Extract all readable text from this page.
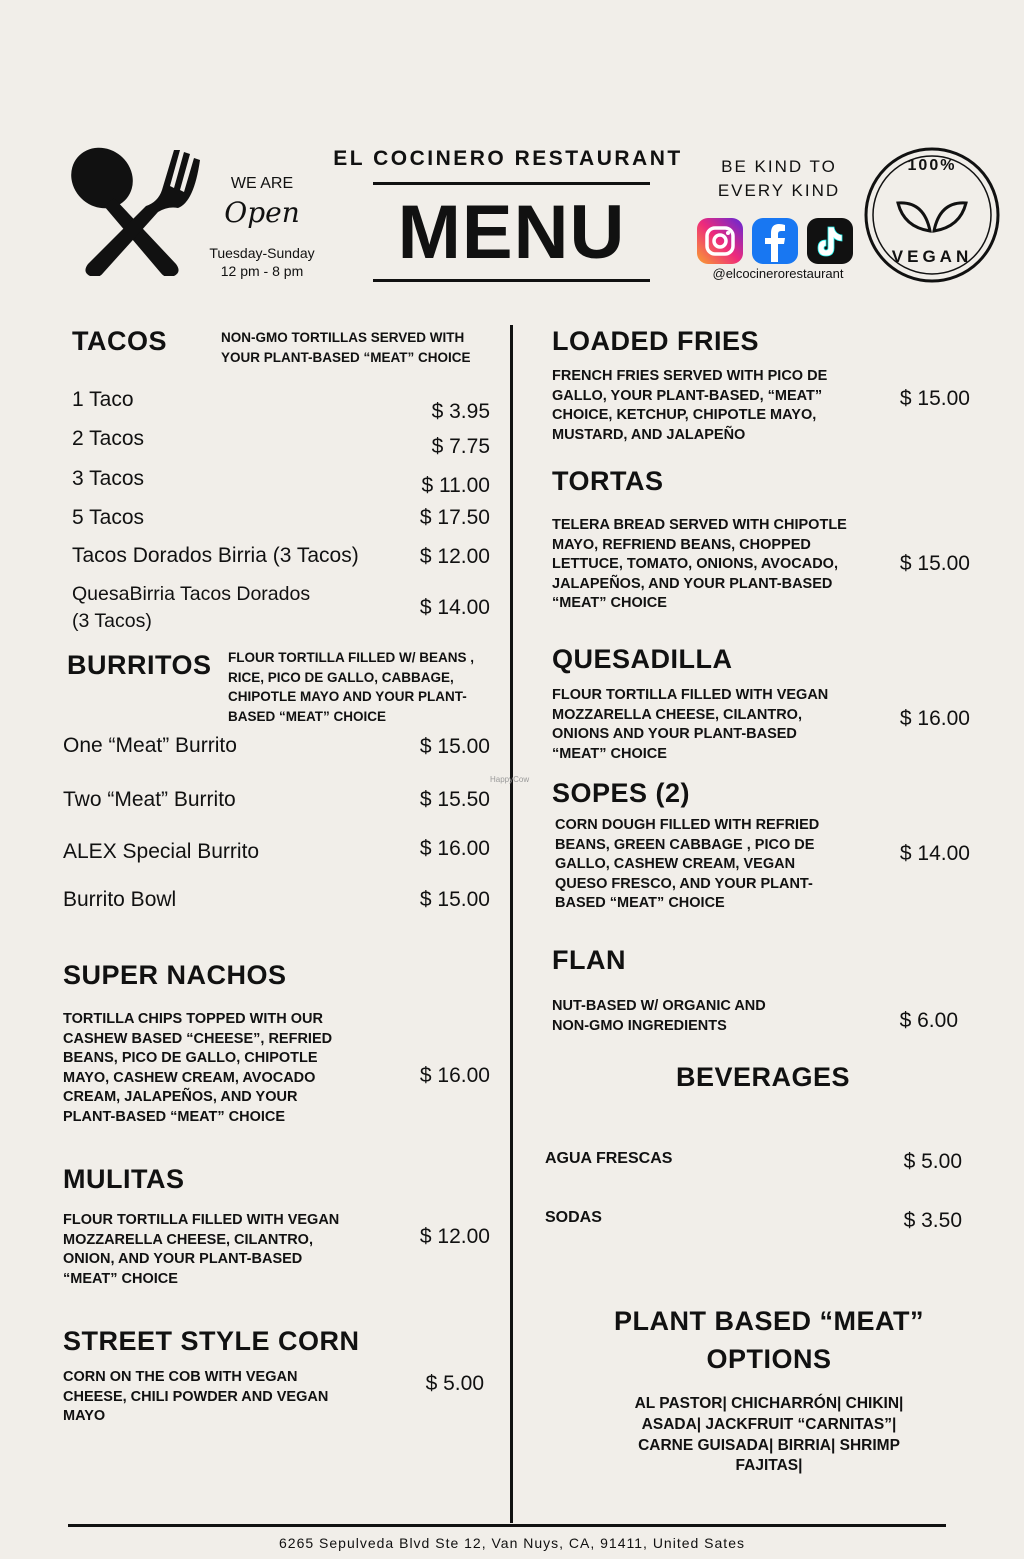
WE ARE
Open
Tuesday-Sunday
12 pm - 8 pm
EL COCINERO RESTAURANT
MENU
BE KIND TO
EVERY KIND
@elcocinerorestaurant
100%
VEGAN
TACOS	NON-GMO TORTILLAS SERVED WITH YOUR PLANT-BASED “MEAT” CHOICE
1 Taco
$ 3.95
2 Tacos	$ 7.75
3 Tacos	$ 11.00
5 Tacos	$ 17.50
Tacos Dorados Birria (3 Tacos)	$ 12.00
QuesaBirria Tacos Dorados
(3 Tacos)
$ 14.00
BURRITOS FLOUR TORTILLA FILLED W/ BEANS , RICE, PICO DE GALLO, CABBAGE, CHIPOTLE MAYO AND YOUR PLANT-BASED “MEAT” CHOICE
One “Meat” Burrito	$ 15.00
Two “Meat” Burrito	$ 15.50
ALEX Special Burrito	$ 16.00
Burrito Bowl	$ 15.00
SUPER NACHOS
TORTILLA CHIPS TOPPED WITH OUR CASHEW BASED “CHEESE”, REFRIED BEANS, PICO DE GALLO, CHIPOTLE MAYO, CASHEW CREAM, AVOCADO CREAM, JALAPEÑOS, AND YOUR PLANT-BASED “MEAT” CHOICE
$ 16.00
MULITAS
FLOUR TORTILLA FILLED WITH VEGAN MOZZARELLA CHEESE, CILANTRO, ONION, AND YOUR PLANT-BASED “MEAT” CHOICE
$ 12.00
STREET STYLE CORN
CORN ON THE COB WITH VEGAN CHEESE, CHILI POWDER AND VEGAN MAYO
$ 5.00
LOADED FRIES
FRENCH FRIES SERVED WITH PICO DE GALLO, YOUR PLANT-BASED, “MEAT” CHOICE, KETCHUP, CHIPOTLE MAYO, MUSTARD, AND JALAPEÑO
$ 15.00
TORTAS
TELERA BREAD SERVED WITH CHIPOTLE MAYO, REFRIEND BEANS, CHOPPED LETTUCE, TOMATO, ONIONS, AVOCADO, JALAPEÑOS, AND YOUR PLANT-BASED “MEAT” CHOICE
$ 15.00
QUESADILLA
FLOUR TORTILLA FILLED WITH VEGAN MOZZARELLA CHEESE, CILANTRO, ONIONS AND YOUR PLANT-BASED “MEAT” CHOICE
$ 16.00
HappyCow SOPES (2)
CORN DOUGH FILLED WITH REFRIED BEANS, GREEN CABBAGE , PICO DE GALLO, CASHEW CREAM, VEGAN QUESO FRESCO, AND YOUR PLANT-BASED “MEAT” CHOICE
$ 14.00
FLAN
NUT-BASED W/ ORGANIC AND NON-GMO INGREDIENTS	$ 6.00
BEVERAGES
AGUA FRESCAS	$ 5.00
SODAS	$ 3.50
PLANT BASED “MEAT”
OPTIONS
AL PASTOR| CHICHARRÓN| CHIKIN|
ASADA| JACKFRUIT “CARNITAS”|
CARNE GUISADA| BIRRIA| SHRIMP
FAJITAS|
6265 Sepulveda Blvd Ste 12, Van Nuys, CA, 91411, United Sates
